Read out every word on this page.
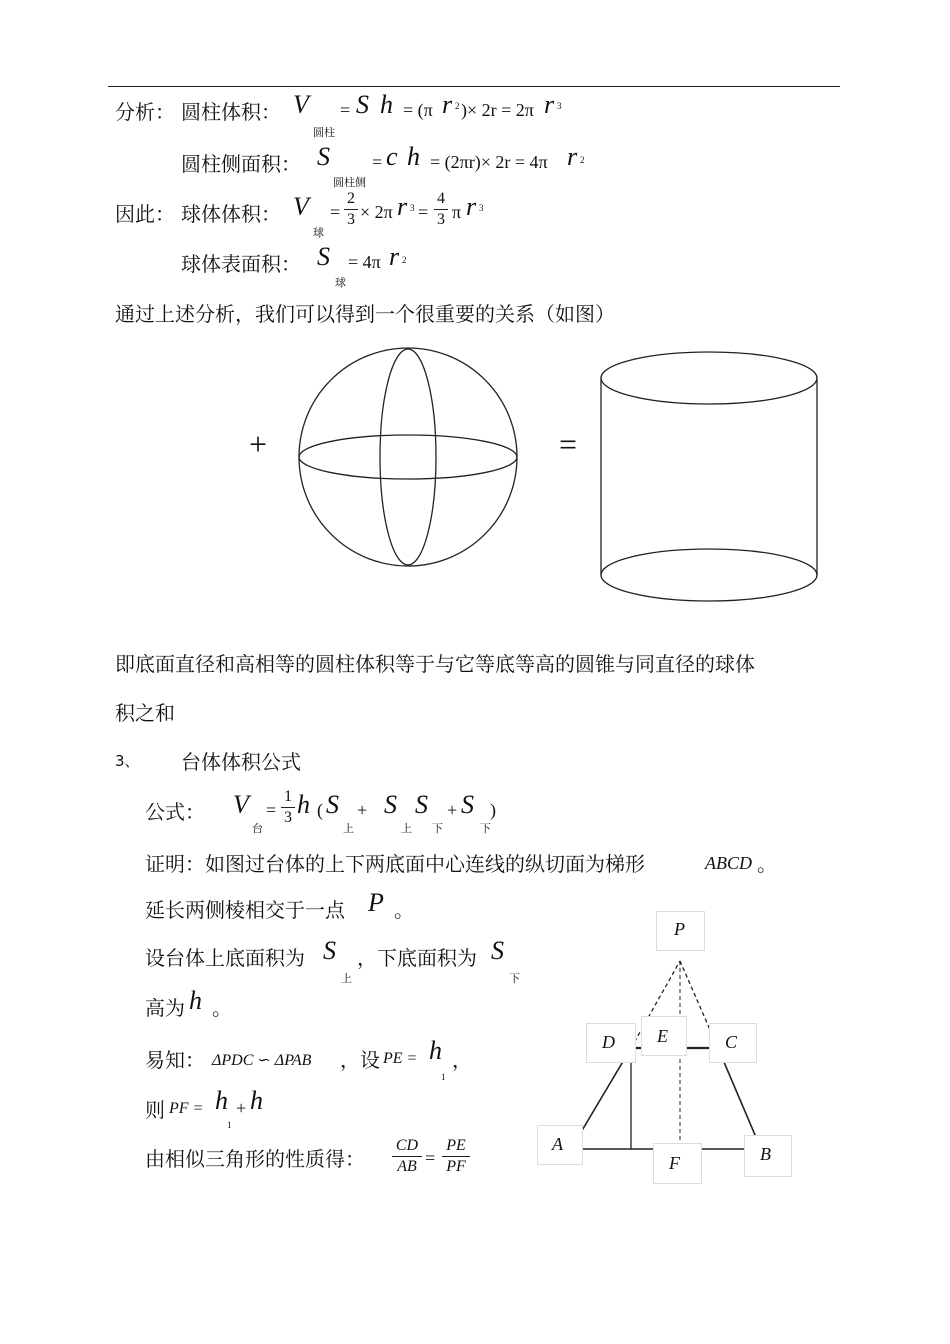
分析： 圆柱体积： V
圆柱
= S h = (π r 2 )× 2r = 2π r 3
圆柱侧面积： S
圆柱侧
= c h = (2πr)× 2r = 4π r 2
因此： 球体体积： V
球
=
2
3 × 2π r 3 =
4
3 π r 3
球体表面积： S
球
= 4π r 2
通过上述分析，我们可以得到一个很重要的关系（如图）
+	=
即底面直径和高相等的圆柱体积等于与它等底等高的圆锥与同直径的球体
积之和
3、 台体体积公式
公式： V
台
=
1
3 h ( S
上
+ S
上
S
下
+ S
下
)
证明：如图过台体的上下两底面中心连线的纵切面为梯形	ABCD 。
延长两侧棱相交于一点 P 。
设台体上底面积为 S
上
，下底面积为 S
下
高为 h 。
易知： ΔPDC ∽ ΔPAB ，设 PE = h
1
，
则 PF = h
1
+ h
由相似三角形的性质得：
CD
AB =
PE
PF
P
D E	C
A
F	B
